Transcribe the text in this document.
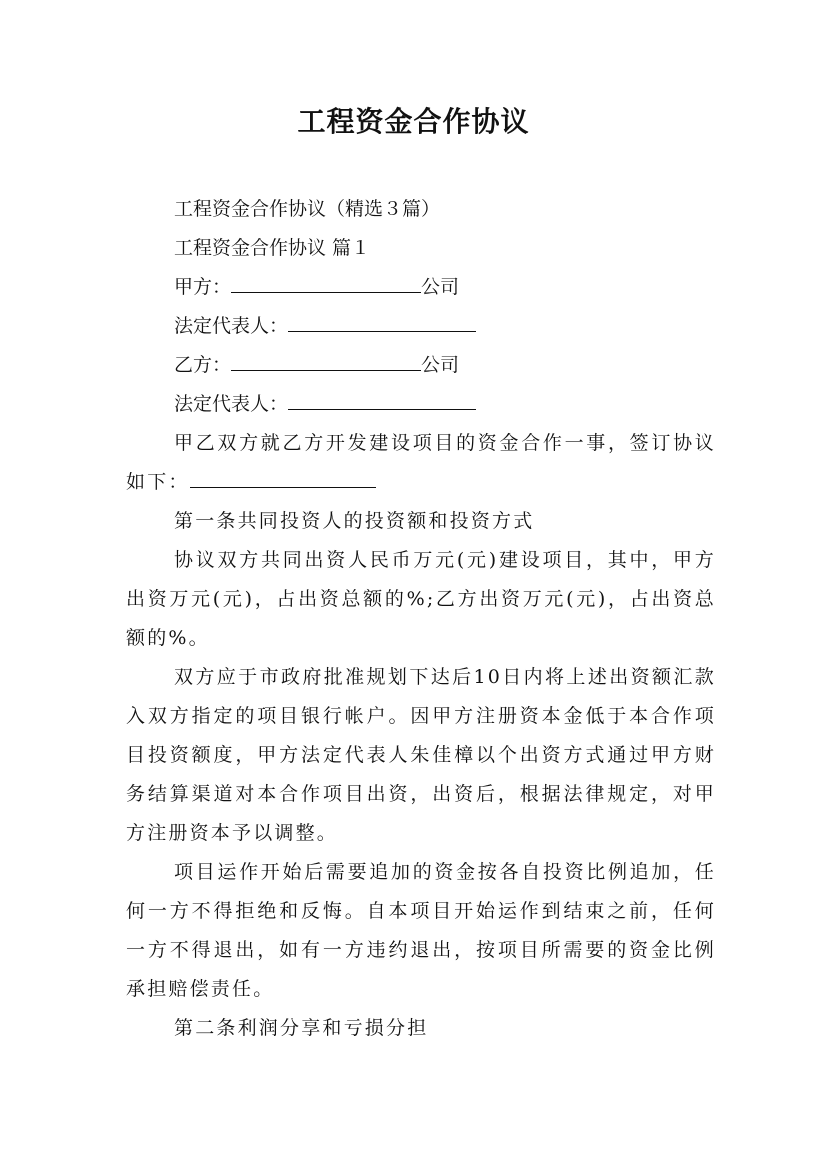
工程资金合作协议

工程资金合作协议（精选３篇）

工程资金合作协议 篇１

甲方：	公司

法定代表人：

乙方：	公司

法定代表人：

甲乙双方就乙方开发建设项目的资金合作一事，签订协议如下：

第一条共同投资人的投资额和投资方式

协议双方共同出资人民币万元(元)建设项目，其中，甲方出资万元(元)，占出资总额的%;乙方出资万元(元)，占出资总额的%。

双方应于市政府批准规划下达后10日内将上述出资额汇款入双方指定的项目银行帐户。因甲方注册资本金低于本合作项目投资额度，甲方法定代表人朱佳樟以个出资方式通过甲方财务结算渠道对本合作项目出资，出资后，根据法律规定，对甲方注册资本予以调整。

项目运作开始后需要追加的资金按各自投资比例追加，任何一方不得拒绝和反悔。自本项目开始运作到结束之前，任何一方不得退出，如有一方违约退出，按项目所需要的资金比例承担赔偿责任。

第二条利润分享和亏损分担
